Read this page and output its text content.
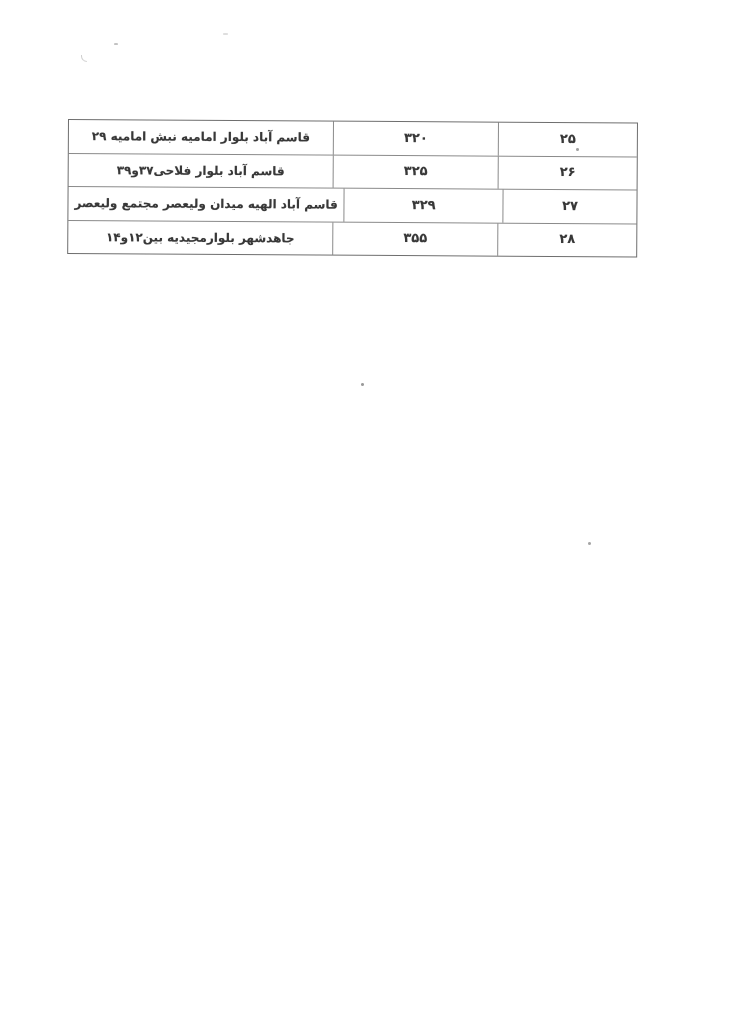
۲۵
۳۲۰
قاسم آباد بلوار امامیه نبش امامیه ۲۹
۲۶
۳۲۵
قاسم آباد بلوار فلاحی۳۷و۳۹
۲۷
۳۲۹
قاسم آباد الهیه میدان ولیعصر مجتمع ولیعصر
۲۸
۳۵۵
جاهدشهر بلوارمجیدیه بین۱۲و۱۴
